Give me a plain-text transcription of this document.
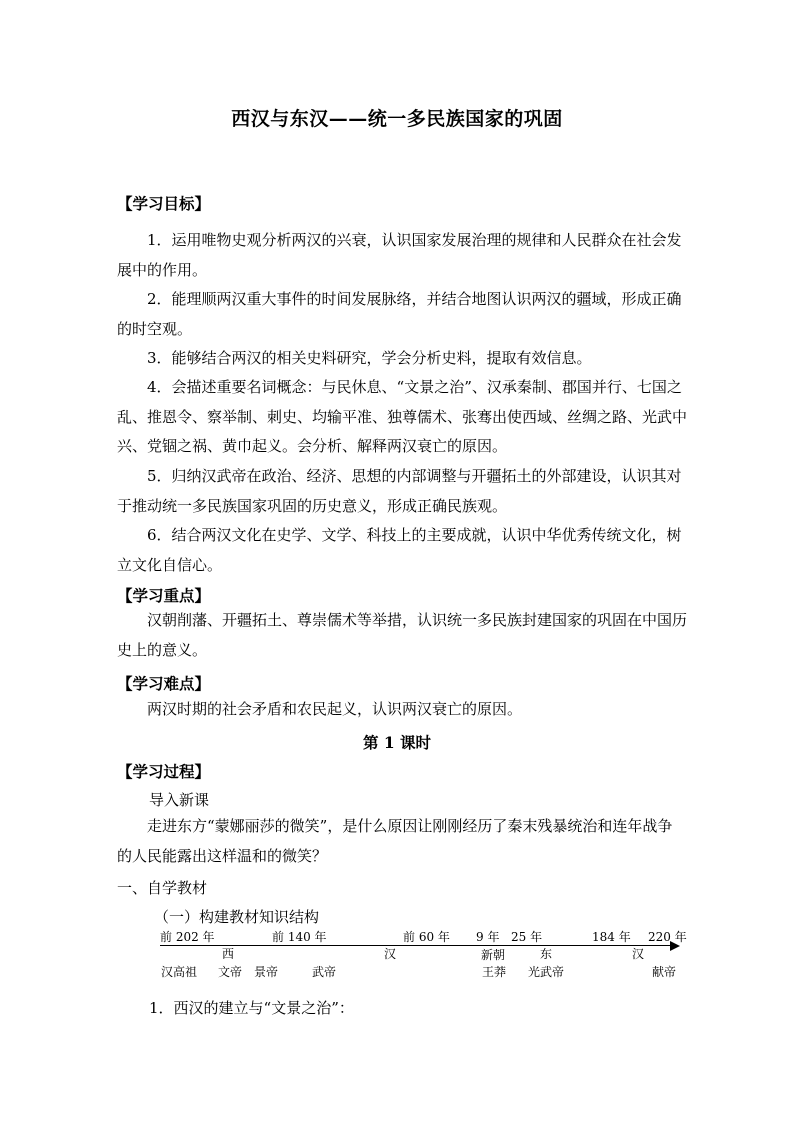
西汉与东汉——统一多民族国家的巩固
【学习目标】
1．运用唯物史观分析两汉的兴衰，认识国家发展治理的规律和人民群众在社会发展中的作用。
2．能理顺两汉重大事件的时间发展脉络，并结合地图认识两汉的疆域，形成正确的时空观。
3．能够结合两汉的相关史料研究，学会分析史料，提取有效信息。
4．会描述重要名词概念：与民休息、“文景之治”、汉承秦制、郡国并行、七国之乱、推恩令、察举制、刺史、均输平准、独尊儒术、张骞出使西域、丝绸之路、光武中兴、党锢之祸、黄巾起义。会分析、解释两汉衰亡的原因。
5．归纳汉武帝在政治、经济、思想的内部调整与开疆拓土的外部建设，认识其对于推动统一多民族国家巩固的历史意义，形成正确民族观。
6．结合两汉文化在史学、文学、科技上的主要成就，认识中华优秀传统文化，树立文化自信心。
【学习重点】
汉朝削藩、开疆拓土、尊崇儒术等举措，认识统一多民族封建国家的巩固在中国历史上的意义。
【学习难点】
两汉时期的社会矛盾和农民起义，认识两汉衰亡的原因。
第 1 课时
【学习过程】
导入新课
走进东方“蒙娜丽莎的微笑”，是什么原因让刚刚经历了秦末残暴统治和连年战争的人民能露出这样温和的微笑？
一、自学教材
（一）构建教材知识结构
前 202 年	前 140 年	前 60 年 9 年 25 年	184 年 220 年
西	汉	新朝	东	汉
汉高祖 文帝 景帝	武帝	王莽 光武帝	献帝
1．西汉的建立与“文景之治”：
